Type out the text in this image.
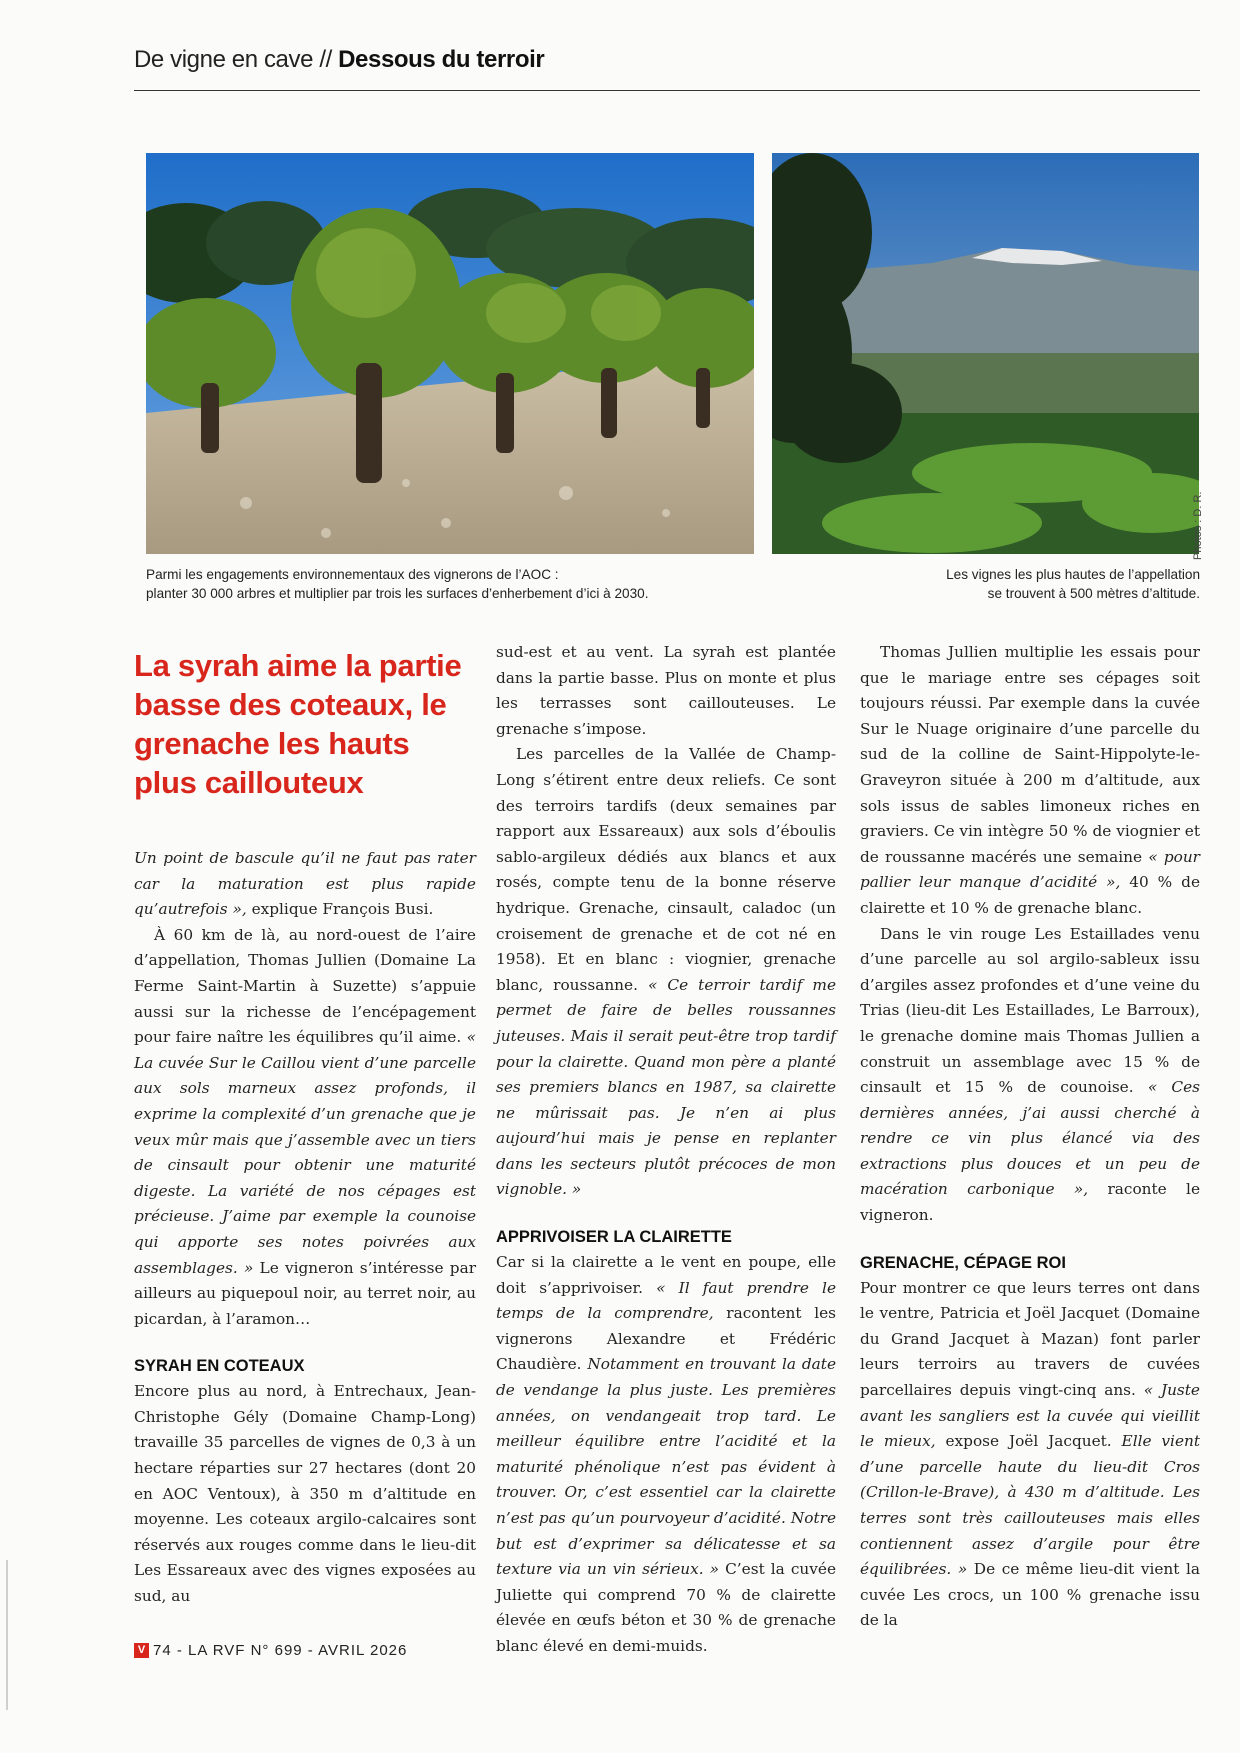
De vigne en cave // Dessous du terroir
Parmi les engagements environnementaux des vignerons de l’AOC :
planter 30 000 arbres et multiplier par trois les surfaces d’enherbement d’ici à 2030.
Les vignes les plus hautes de l’appellation
se trouvent à 500 mètres d’altitude.
Photos : D. R.
La syrah aime la partie basse des coteaux, le grenache les hauts plus caillouteux

Un point de bascule qu’il ne faut pas rater car la maturation est plus rapide qu’autrefois », explique François Busi.

À 60 km de là, au nord-ouest de l’aire d’appellation, Thomas Jullien (Domaine La Ferme Saint-Martin à Suzette) s’appuie aussi sur la richesse de l’encépagement pour faire naître les équilibres qu’il aime. « La cuvée Sur le Caillou vient d’une parcelle aux sols marneux assez profonds, il exprime la complexité d’un grenache que je veux mûr mais que j’assemble avec un tiers de cinsault pour obtenir une maturité digeste. La variété de nos cépages est précieuse. J’aime par exemple la counoise qui apporte ses notes poivrées aux assemblages. » Le vigneron s’intéresse par ailleurs au piquepoul noir, au terret noir, au picardan, à l’aramon…

SYRAH EN COTEAUX

Encore plus au nord, à Entrechaux, Jean-Christophe Gély (Domaine Champ-Long) travaille 35 parcelles de vignes de 0,3 à un hectare réparties sur 27 hectares (dont 20 en AOC Ventoux), à 350 m d’altitude en moyenne. Les coteaux argilo-calcaires sont réservés aux rouges comme dans le lieu-dit Les Essareaux avec des vignes exposées au sud, au

sud-est et au vent. La syrah est plantée dans la partie basse. Plus on monte et plus les terrasses sont caillouteuses. Le grenache s’impose.

Les parcelles de la Vallée de Champ-Long s’étirent entre deux reliefs. Ce sont des terroirs tardifs (deux semaines par rapport aux Essareaux) aux sols d’éboulis sablo-argileux dédiés aux blancs et aux rosés, compte tenu de la bonne réserve hydrique. Grenache, cinsault, caladoc (un croisement de grenache et de cot né en 1958). Et en blanc : viognier, grenache blanc, roussanne. « Ce terroir tardif me permet de faire de belles roussannes juteuses. Mais il serait peut-être trop tardif pour la clairette. Quand mon père a planté ses premiers blancs en 1987, sa clairette ne mûrissait pas. Je n’en ai plus aujourd’hui mais je pense en replanter dans les secteurs plutôt précoces de mon vignoble. »

APPRIVOISER LA CLAIRETTE

Car si la clairette a le vent en poupe, elle doit s’apprivoiser. « Il faut prendre le temps de la comprendre, racontent les vignerons Alexandre et Frédéric Chaudière. Notamment en trouvant la date de vendange la plus juste. Les premières années, on vendangeait trop tard. Le meilleur équilibre entre l’acidité et la maturité phénolique n’est pas évident à trouver. Or, c’est essentiel car la clairette n’est pas qu’un pourvoyeur d’acidité. Notre but est d’exprimer sa délicatesse et sa texture via un vin sérieux. » C’est la cuvée Juliette qui comprend 70 % de clairette élevée en œufs béton et 30 % de grenache blanc élevé en demi-muids.

Thomas Jullien multiplie les essais pour que le mariage entre ses cépages soit toujours réussi. Par exemple dans la cuvée Sur le Nuage originaire d’une parcelle du sud de la colline de Saint-Hippolyte-le-Graveyron située à 200 m d’altitude, aux sols issus de sables limoneux riches en graviers. Ce vin intègre 50 % de viognier et de roussanne macérés une semaine « pour pallier leur manque d’acidité », 40 % de clairette et 10 % de grenache blanc.

Dans le vin rouge Les Estaillades venu d’une parcelle au sol argilo-sableux issu d’argiles assez profondes et d’une veine du Trias (lieu-dit Les Estaillades, Le Barroux), le grenache domine mais Thomas Jullien a construit un assemblage avec 15 % de cinsault et 15 % de counoise. « Ces dernières années, j’ai aussi cherché à rendre ce vin plus élancé via des extractions plus douces et un peu de macération carbonique », raconte le vigneron.

GRENACHE, CÉPAGE ROI

Pour montrer ce que leurs terres ont dans le ventre, Patricia et Joël Jacquet (Domaine du Grand Jacquet à Mazan) font parler leurs terroirs au travers de cuvées parcellaires depuis vingt-cinq ans. « Juste avant les sangliers est la cuvée qui vieillit le mieux, expose Joël Jacquet. Elle vient d’une parcelle haute du lieu-dit Cros (Crillon-le-Brave), à 430 m d’altitude. Les terres sont très caillouteuses mais elles contiennent assez d’argile pour être équilibrées. » De ce même lieu-dit vient la cuvée Les crocs, un 100 % grenache issu de la

V 74 - LA RVF N° 699 - AVRIL 2026
